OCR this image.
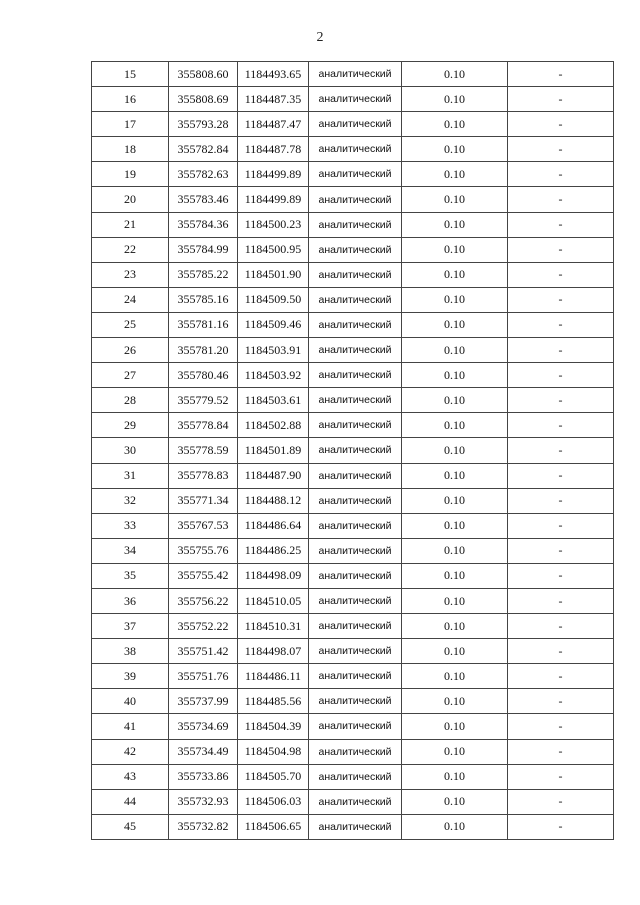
2
15	355808.60	1184493.65	аналитический	0.10	-
16	355808.69	1184487.35	аналитический	0.10	-
17	355793.28	1184487.47	аналитический	0.10	-
18	355782.84	1184487.78	аналитический	0.10	-
19	355782.63	1184499.89	аналитический	0.10	-
20	355783.46	1184499.89	аналитический	0.10	-
21	355784.36	1184500.23	аналитический	0.10	-
22	355784.99	1184500.95	аналитический	0.10	-
23	355785.22	1184501.90	аналитический	0.10	-
24	355785.16	1184509.50	аналитический	0.10	-
25	355781.16	1184509.46	аналитический	0.10	-
26	355781.20	1184503.91	аналитический	0.10	-
27	355780.46	1184503.92	аналитический	0.10	-
28	355779.52	1184503.61	аналитический	0.10	-
29	355778.84	1184502.88	аналитический	0.10	-
30	355778.59	1184501.89	аналитический	0.10	-
31	355778.83	1184487.90	аналитический	0.10	-
32	355771.34	1184488.12	аналитический	0.10	-
33	355767.53	1184486.64	аналитический	0.10	-
34	355755.76	1184486.25	аналитический	0.10	-
35	355755.42	1184498.09	аналитический	0.10	-
36	355756.22	1184510.05	аналитический	0.10	-
37	355752.22	1184510.31	аналитический	0.10	-
38	355751.42	1184498.07	аналитический	0.10	-
39	355751.76	1184486.11	аналитический	0.10	-
40	355737.99	1184485.56	аналитический	0.10	-
41	355734.69	1184504.39	аналитический	0.10	-
42	355734.49	1184504.98	аналитический	0.10	-
43	355733.86	1184505.70	аналитический	0.10	-
44	355732.93	1184506.03	аналитический	0.10	-
45	355732.82	1184506.65	аналитический	0.10	-
